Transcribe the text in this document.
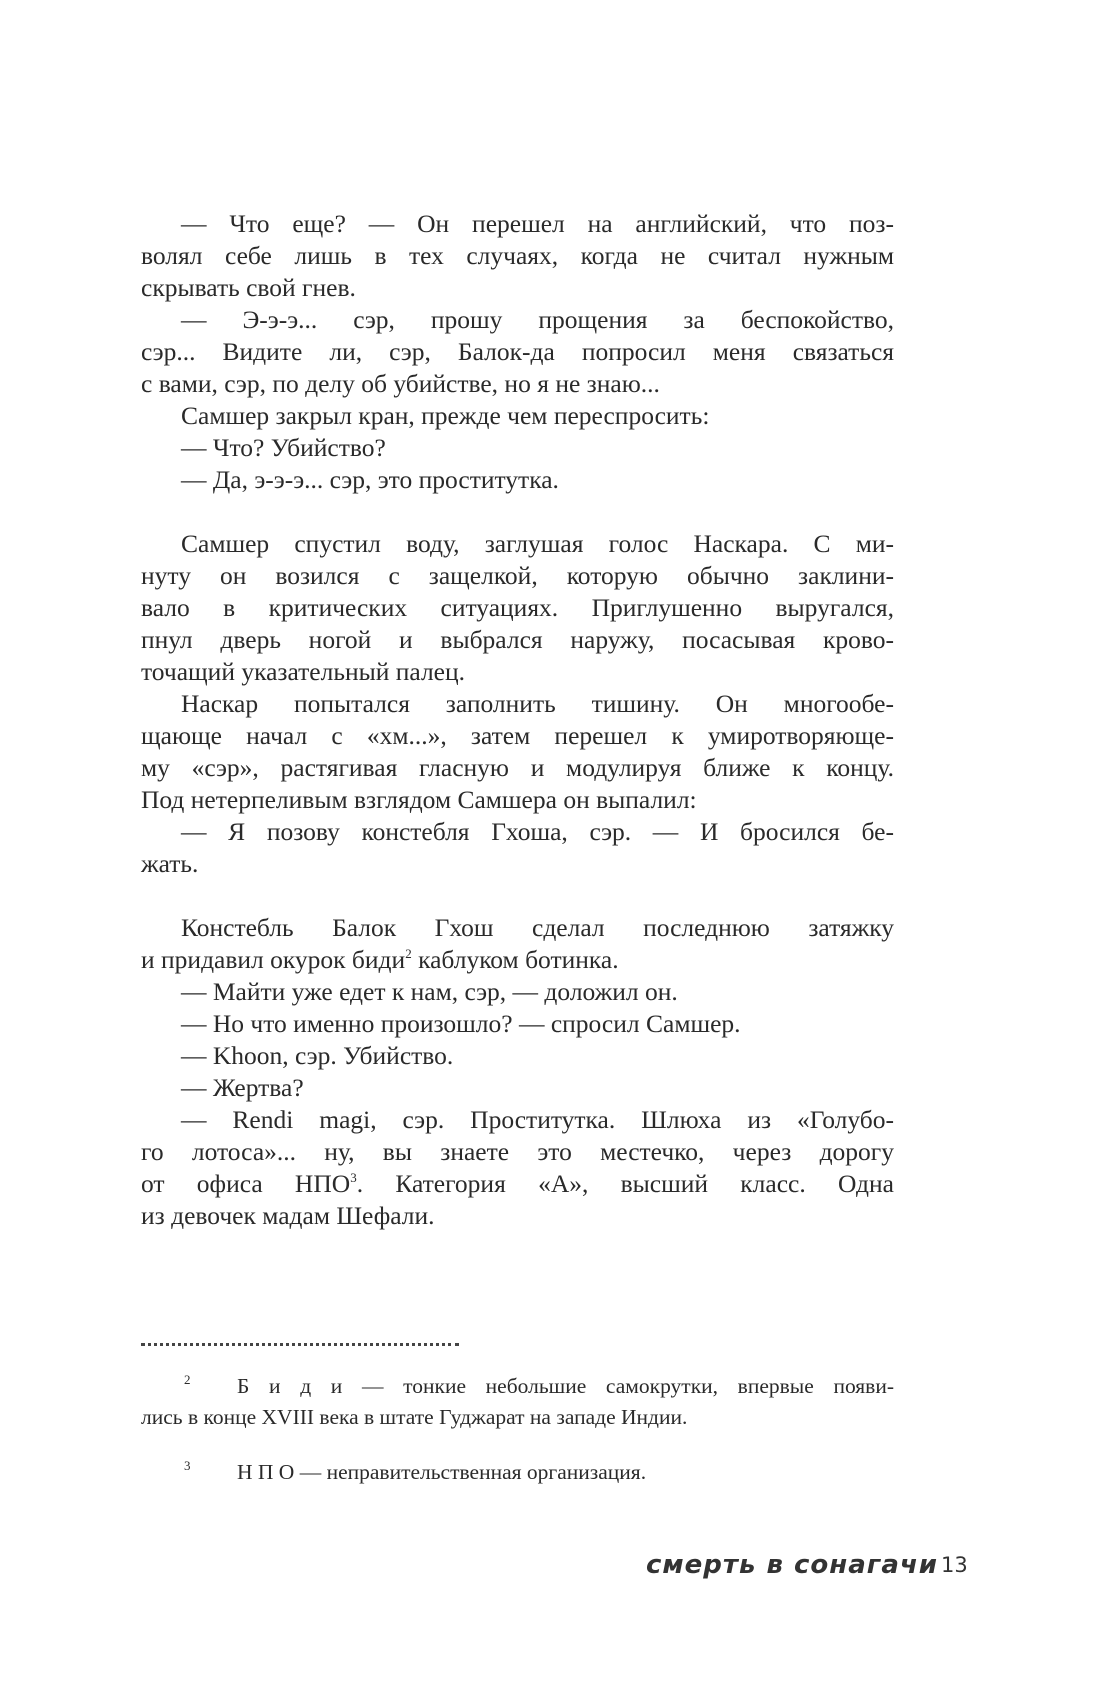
— Что еще? — Он перешел на английский, что поз-
волял себе лишь в тех случаях, когда не считал нужным
скрывать свой гнев.
— Э-э-э... сэр, прошу прощения за беспокойство,
сэр... Видите ли, сэр, Балок-да попросил меня связаться
с вами, сэр, по делу об убийстве, но я не знаю...
Самшер закрыл кран, прежде чем переспросить:
— Что? Убийство?
— Да, э-э-э... сэр, это проститутка.
Самшер спустил воду, заглушая голос Наскара. С ми-
нуту он возился с защелкой, которую обычно заклини-
вало в критических ситуациях. Приглушенно выругался,
пнул дверь ногой и выбрался наружу, посасывая крово-
точащий указательный палец.
Наскар попытался заполнить тишину. Он многообе-
щающе начал с «хм...», затем перешел к умиротворяюще-
му «сэр», растягивая гласную и модулируя ближе к концу.
Под нетерпеливым взглядом Самшера он выпалил:
— Я позову констебля Гхоша, сэр. — И бросился бе-
жать.
Констебль Балок Гхош сделал последнюю затяжку
и придавил окурок биди$^2$ каблуком ботинка.
— Майти уже едет к нам, сэр, — доложил он.
— Но что именно произошло? — спросил Самшер.
— Khoon, сэр. Убийство.
— Жертва?
— Rendi magi, сэр. Проститутка. Шлюха из «Голубо-
го лотоса»... ну, вы знаете это местечко, через дорогу
от офиса НПО$^3$. Категория «А», высший класс. Одна
из девочек мадам Шефали.
2 Б и д и — тонкие небольшие самокрутки, впервые появи-
лись в конце XVIII века в штате Гуджарат на западе Индии.
3 Н П О — неправительственная организация.
смерть в сонагачи 13
